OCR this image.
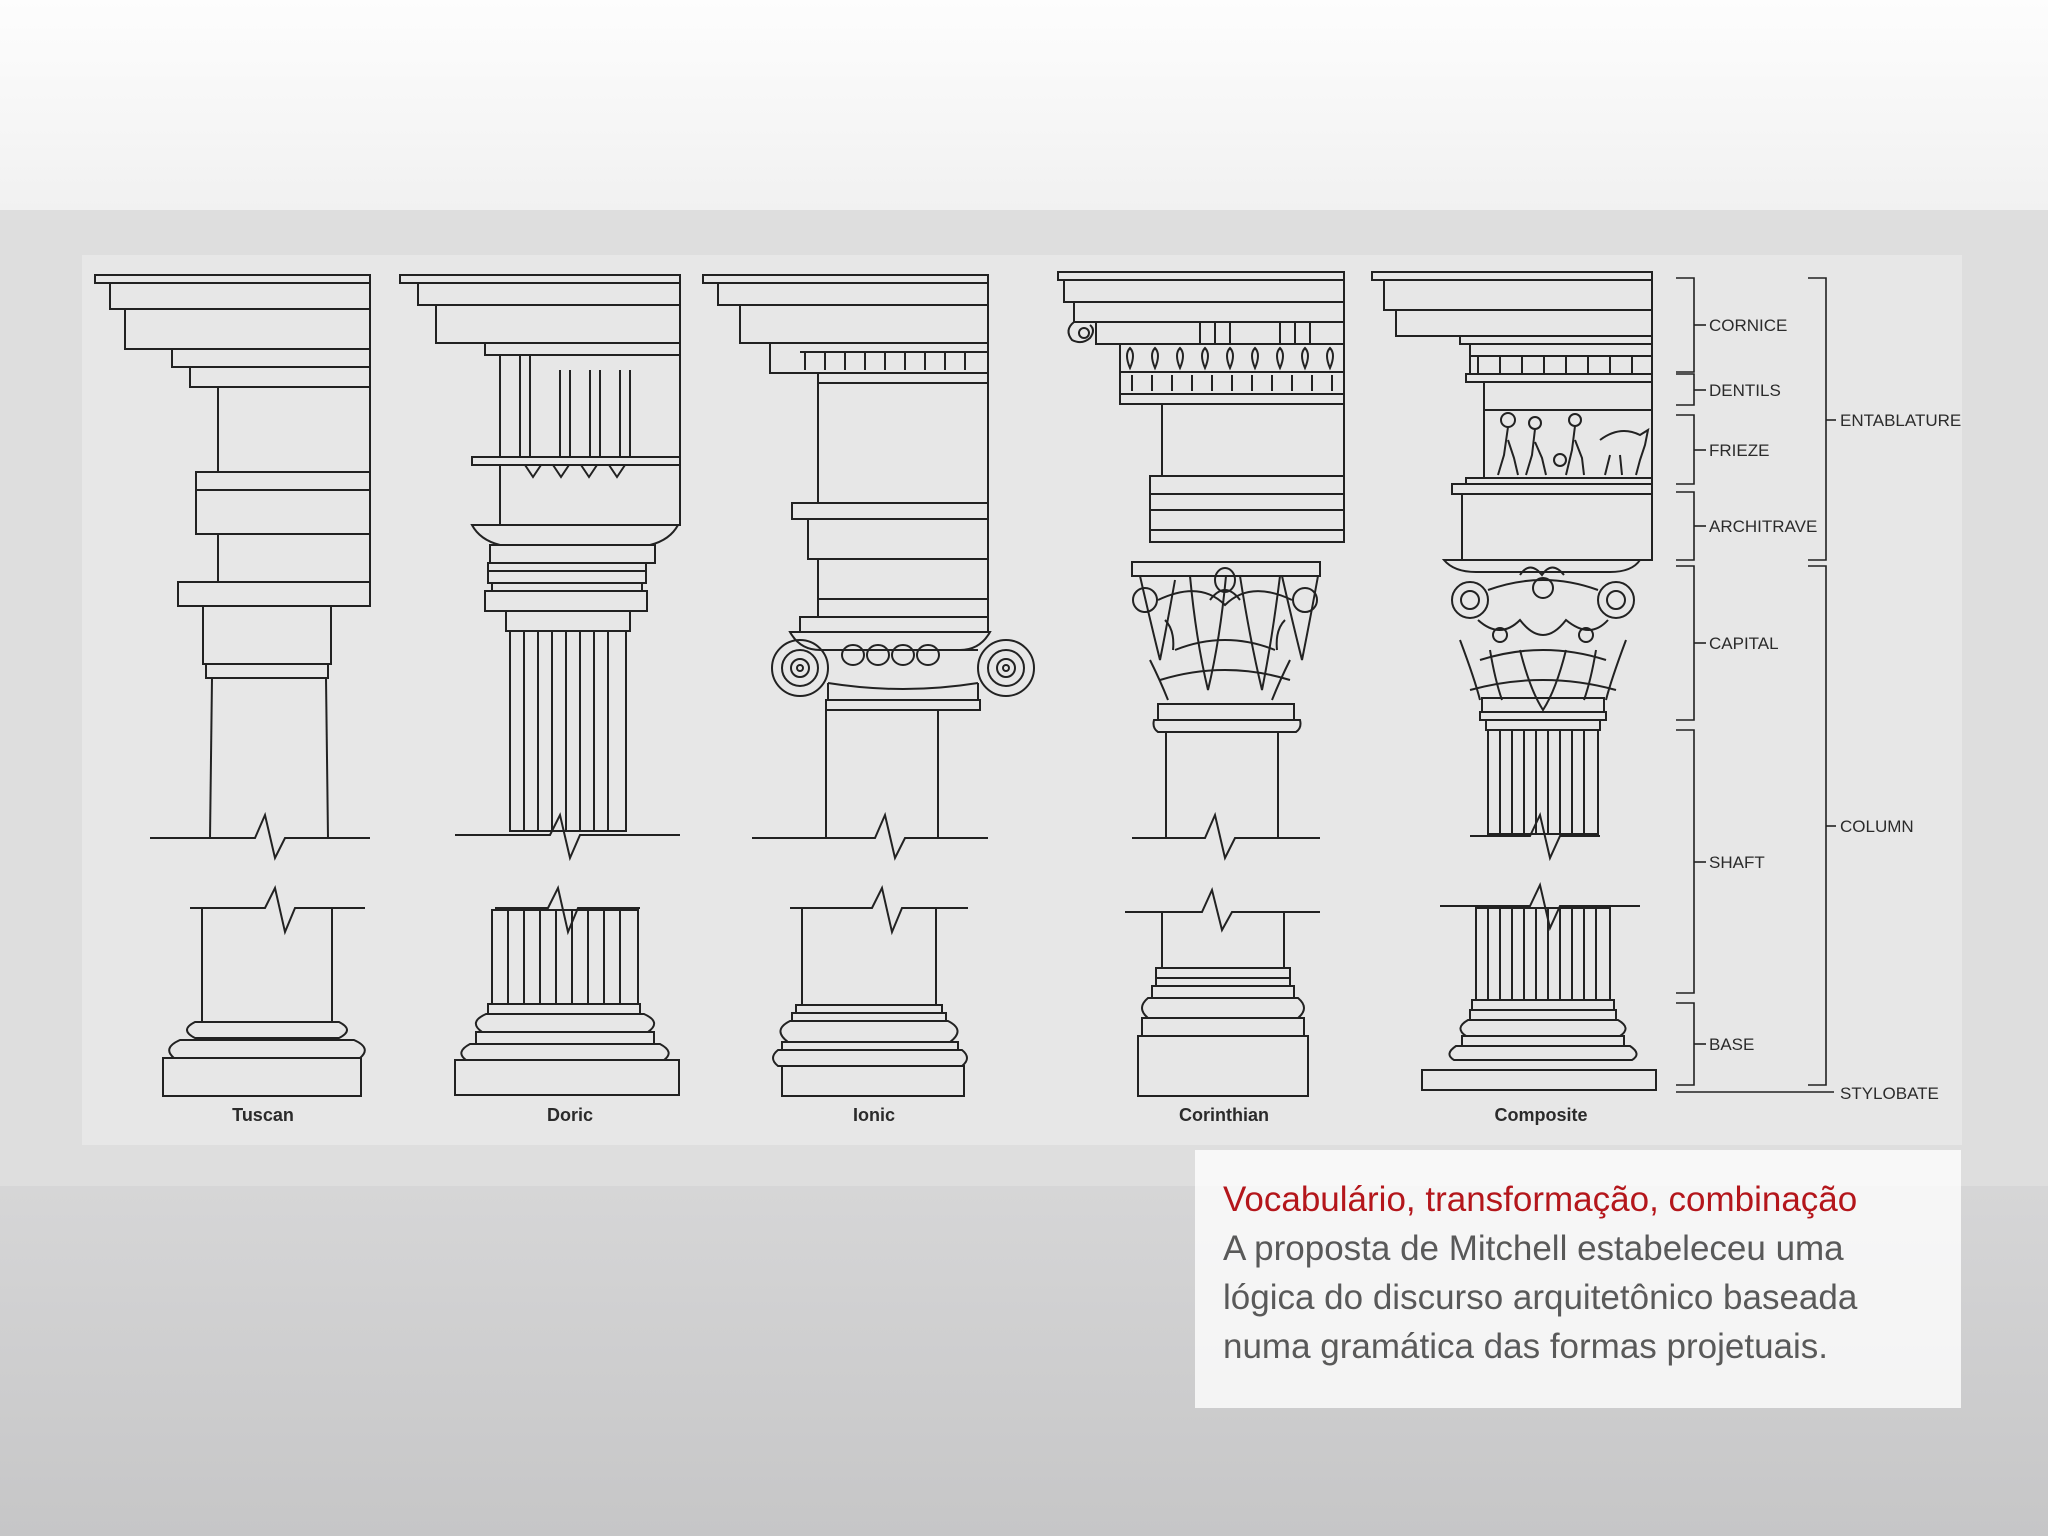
Tuscan	Doric	Ionic	Corinthian	Composite
CORNICE
DENTILS
FRIEZE
ARCHITRAVE
CAPITAL
SHAFT
BASE
ENTABLATURE
COLUMN
STYLOBATE
Vocabulário, transformação, combinação
A proposta de Mitchell estabeleceu uma
lógica do discurso arquitetônico baseada
numa gramática das formas projetuais.
